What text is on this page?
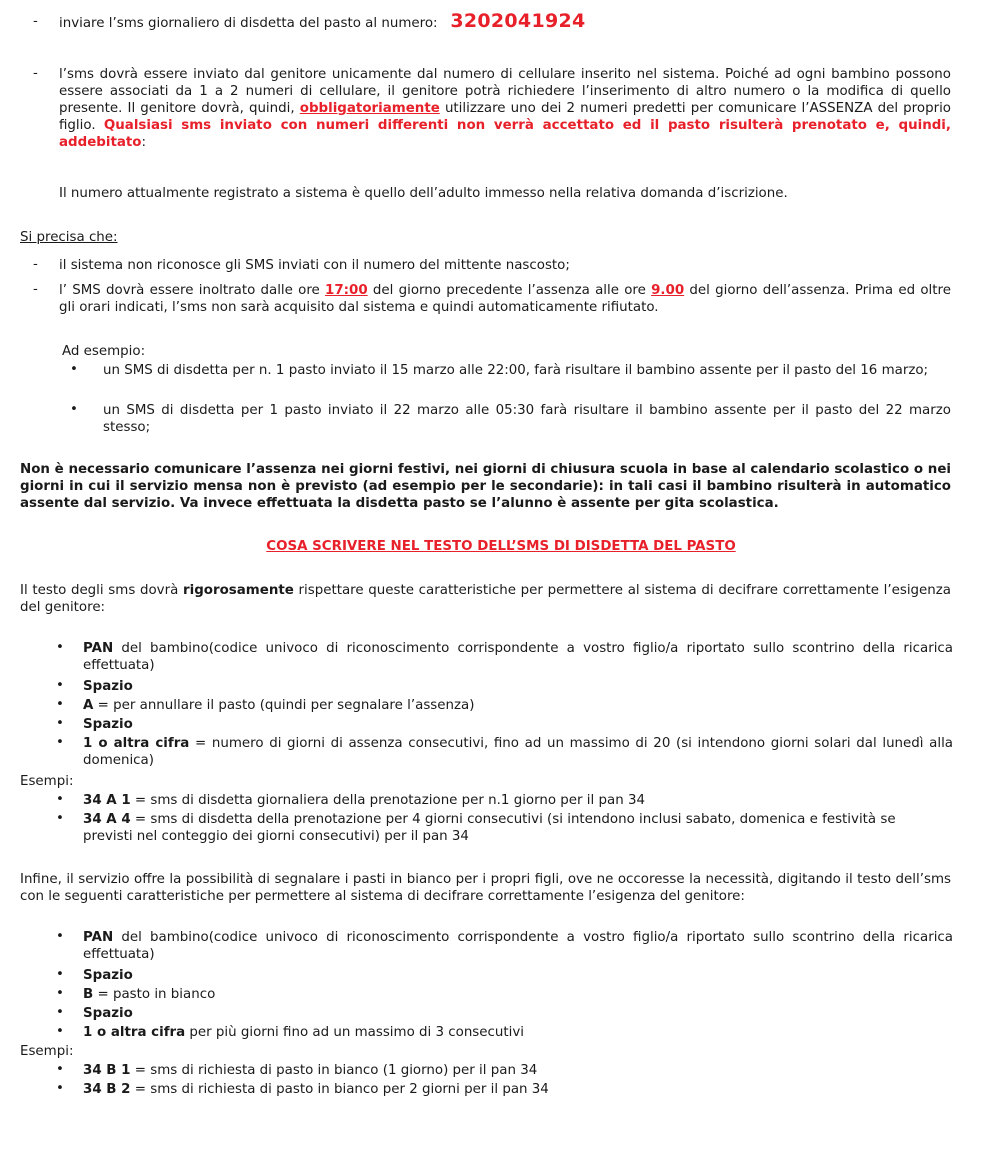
-	inviare l’sms giornaliero di disdetta del pasto al numero: 3202041924
-	l’sms dovrà essere inviato dal genitore unicamente dal numero di cellulare inserito nel sistema. Poiché ad ogni bambino possono essere associati da 1 a 2 numeri di cellulare, il genitore potrà richiedere l’inserimento di altro numero o la modifica di quello presente. Il genitore dovrà, quindi, obbligatoriamente utilizzare uno dei 2 numeri predetti per comunicare l’ASSENZA del proprio figlio. Qualsiasi sms inviato con numeri differenti non verrà accettato ed il pasto risulterà prenotato e, quindi, addebitato:
Il numero attualmente registrato a sistema è quello dell’adulto immesso nella relativa domanda d’iscrizione.
Si precisa che:
-	il sistema non riconosce gli SMS inviati con il numero del mittente nascosto;
-	l’ SMS dovrà essere inoltrato dalle ore 17:00 del giorno precedente l’assenza alle ore 9.00 del giorno dell’assenza. Prima ed oltre gli orari indicati, l’sms non sarà acquisito dal sistema e quindi automaticamente rifiutato.
Ad esempio:
• un SMS di disdetta per n. 1 pasto inviato il 15 marzo alle 22:00, farà risultare il bambino assente per il pasto del 16 marzo;
• un SMS di disdetta per 1 pasto inviato il 22 marzo alle 05:30 farà risultare il bambino assente per il pasto del 22 marzo stesso;
Non è necessario comunicare l’assenza nei giorni festivi, nei giorni di chiusura scuola in base al calendario scolastico o nei giorni in cui il servizio mensa non è previsto (ad esempio per le secondarie): in tali casi il bambino risulterà in automatico assente dal servizio. Va invece effettuata la disdetta pasto se l’alunno è assente per gita scolastica.
COSA SCRIVERE NEL TESTO DELL’SMS DI DISDETTA DEL PASTO
Il testo degli sms dovrà rigorosamente rispettare queste caratteristiche per permettere al sistema di decifrare correttamente l’esigenza del genitore:
• PAN del bambino(codice univoco di riconoscimento corrispondente a vostro figlio/a riportato sullo scontrino della ricarica effettuata)
• Spazio
• A = per annullare il pasto (quindi per segnalare l’assenza)
• Spazio
• 1 o altra cifra = numero di giorni di assenza consecutivi, fino ad un massimo di 20 (si intendono giorni solari dal lunedì alla domenica)
Esempi:
• 34 A 1 = sms di disdetta giornaliera della prenotazione per n.1 giorno per il pan 34
• 34 A 4 = sms di disdetta della prenotazione per 4 giorni consecutivi (si intendono inclusi sabato, domenica e festività se previsti nel conteggio dei giorni consecutivi) per il pan 34
Infine, il servizio offre la possibilità di segnalare i pasti in bianco per i propri figli, ove ne occoresse la necessità, digitando il testo dell’sms con le seguenti caratteristiche per permettere al sistema di decifrare correttamente l’esigenza del genitore:
• PAN del bambino(codice univoco di riconoscimento corrispondente a vostro figlio/a riportato sullo scontrino della ricarica effettuata)
• Spazio
• B = pasto in bianco
• Spazio
• 1 o altra cifra per più giorni fino ad un massimo di 3 consecutivi
Esempi:
• 34 B 1 = sms di richiesta di pasto in bianco (1 giorno) per il pan 34
• 34 B 2 = sms di richiesta di pasto in bianco per 2 giorni per il pan 34
